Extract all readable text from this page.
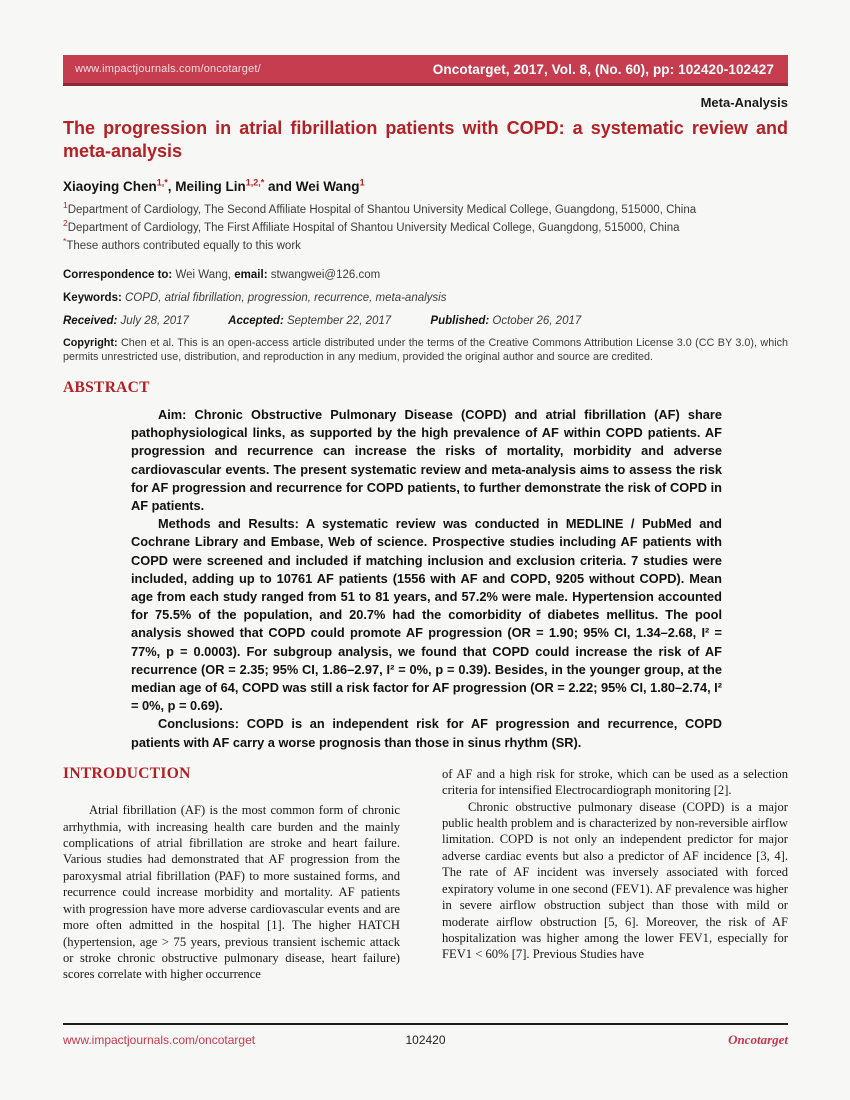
www.impactjournals.com/oncotarget/	Oncotarget, 2017, Vol. 8, (No. 60), pp: 102420-102427
Meta-Analysis
The progression in atrial fibrillation patients with COPD: a systematic review and meta-analysis
Xiaoying Chen$^{1,*}$, Meiling Lin$^{1,2,*}$ and Wei Wang$^1$
$^1$Department of Cardiology, The Second Affiliate Hospital of Shantou University Medical College, Guangdong, 515000, China
$^2$Department of Cardiology, The First Affiliate Hospital of Shantou University Medical College, Guangdong, 515000, China
*These authors contributed equally to this work
Correspondence to: Wei Wang, email: stwangwei@126.com
Keywords: COPD, atrial fibrillation, progression, recurrence, meta-analysis
Received: July 28, 2017	Accepted: September 22, 2017	Published: October 26, 2017
Copyright: Chen et al. This is an open-access article distributed under the terms of the Creative Commons Attribution License 3.0 (CC BY 3.0), which permits unrestricted use, distribution, and reproduction in any medium, provided the original author and source are credited.
ABSTRACT

Aim: Chronic Obstructive Pulmonary Disease (COPD) and atrial fibrillation (AF) share pathophysiological links, as supported by the high prevalence of AF within COPD patients. AF progression and recurrence can increase the risks of mortality, morbidity and adverse cardiovascular events. The present systematic review and meta-analysis aims to assess the risk for AF progression and recurrence for COPD patients, to further demonstrate the risk of COPD in AF patients.

Methods and Results: A systematic review was conducted in MEDLINE / PubMed and Cochrane Library and Embase, Web of science. Prospective studies including AF patients with COPD were screened and included if matching inclusion and exclusion criteria. 7 studies were included, adding up to 10761 AF patients (1556 with AF and COPD, 9205 without COPD). Mean age from each study ranged from 51 to 81 years, and 57.2% were male. Hypertension accounted for 75.5% of the population, and 20.7% had the comorbidity of diabetes mellitus. The pool analysis showed that COPD could promote AF progression (OR = 1.90; 95% CI, 1.34–2.68, I² = 77%, p = 0.0003). For subgroup analysis, we found that COPD could increase the risk of AF recurrence (OR = 2.35; 95% CI, 1.86–2.97, I² = 0%, p = 0.39). Besides, in the younger group, at the median age of 64, COPD was still a risk factor for AF progression (OR = 2.22; 95% CI, 1.80–2.74, I² = 0%, p = 0.69).

Conclusions: COPD is an independent risk for AF progression and recurrence, COPD patients with AF carry a worse prognosis than those in sinus rhythm (SR).

INTRODUCTION

Atrial fibrillation (AF) is the most common form of chronic arrhythmia, with increasing health care burden and the mainly complications of atrial fibrillation are stroke and heart failure. Various studies had demonstrated that AF progression from the paroxysmal atrial fibrillation (PAF) to more sustained forms, and recurrence could increase morbidity and mortality. AF patients with progression have more adverse cardiovascular events and are more often admitted in the hospital [1]. The higher HATCH (hypertension, age > 75 years, previous transient ischemic attack or stroke chronic obstructive pulmonary disease, heart failure) scores correlate with higher occurrence

of AF and a high risk for stroke, which can be used as a selection criteria for intensified Electrocardiograph monitoring [2].

Chronic obstructive pulmonary disease (COPD) is a major public health problem and is characterized by non-reversible airflow limitation. COPD is not only an independent predictor for major adverse cardiac events but also a predictor of AF incidence [3, 4]. The rate of AF incident was inversely associated with forced expiratory volume in one second (FEV1). AF prevalence was higher in severe airflow obstruction subject than those with mild or moderate airflow obstruction [5, 6]. Moreover, the risk of AF hospitalization was higher among the lower FEV1, especially for FEV1 < 60% [7]. Previous Studies have

www.impactjournals.com/oncotarget	102420	Oncotarget
